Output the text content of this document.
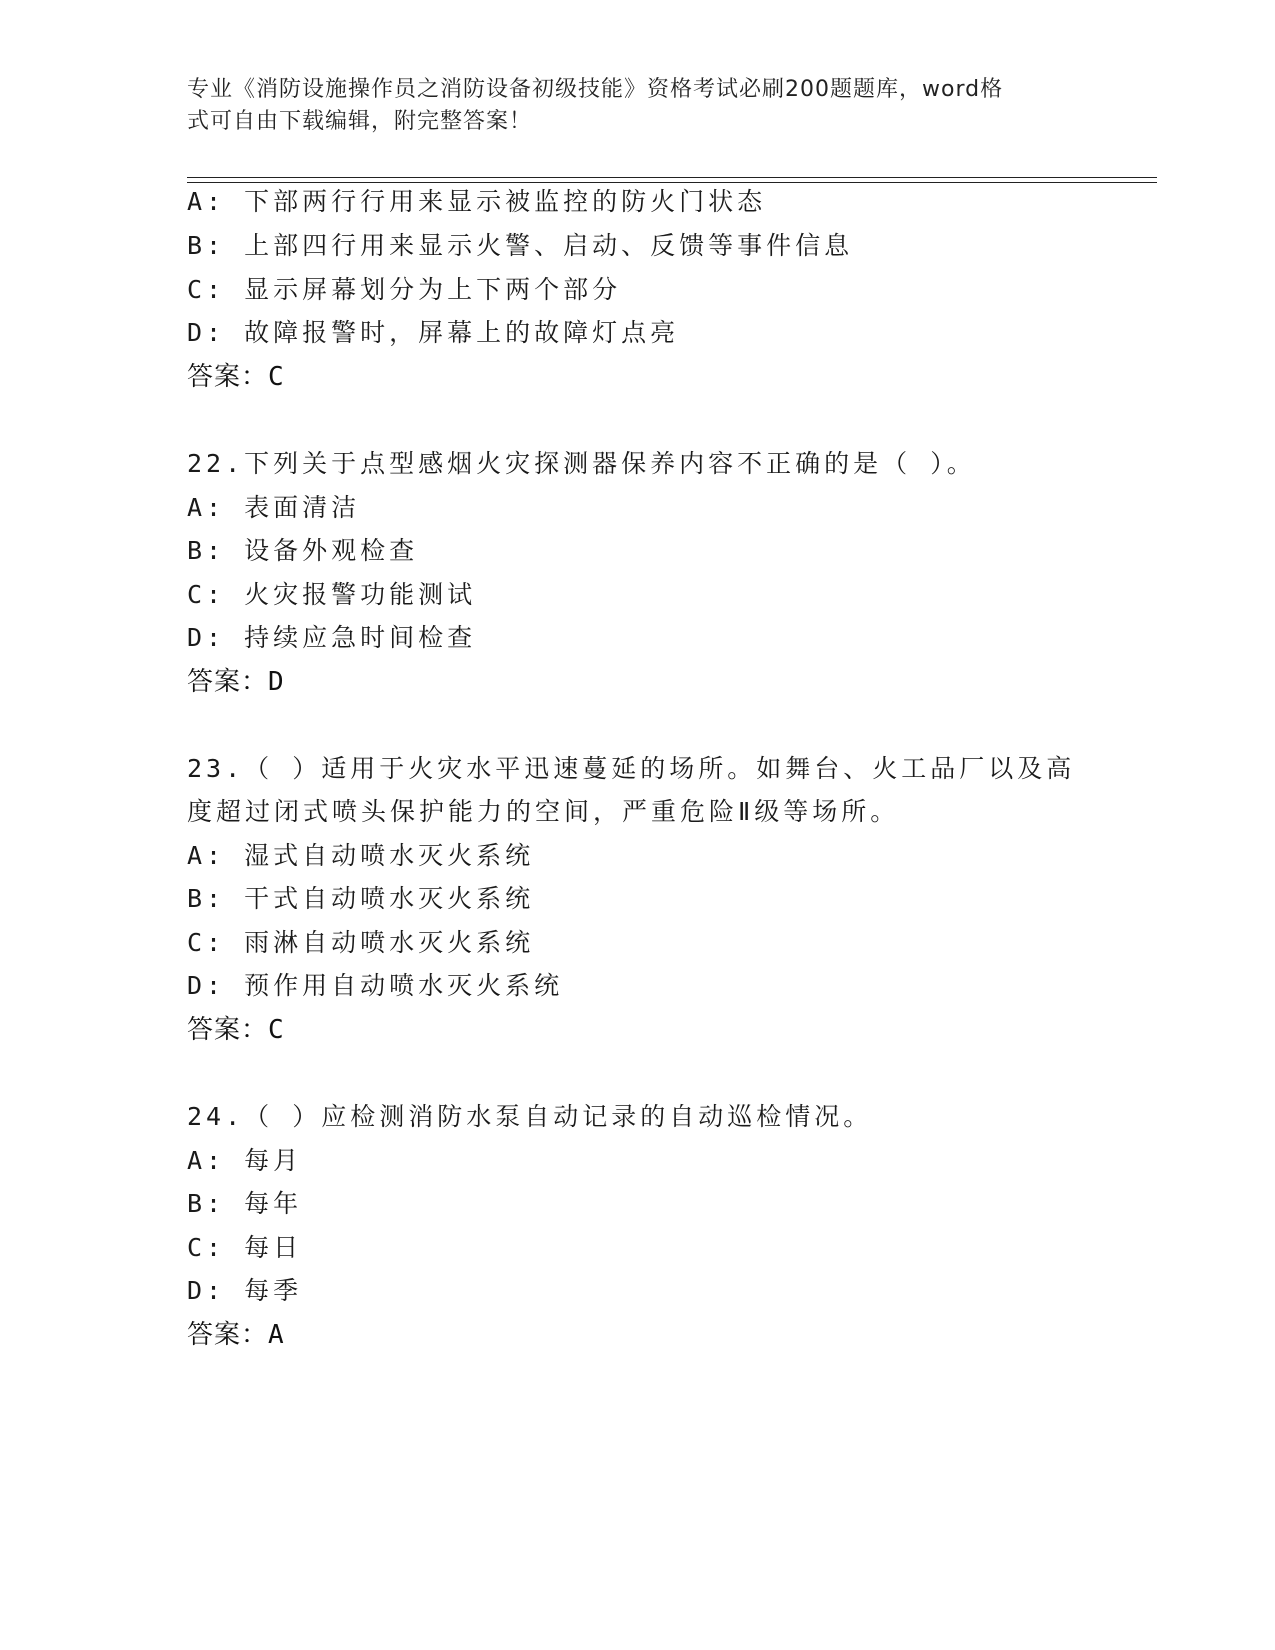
专业《消防设施操作员之消防设备初级技能》资格考试必刷200题题库，word格
式可自由下载编辑，附完整答案！
A: 下部两行行用来显示被监控的防火门状态
B: 上部四行用来显示火警、启动、反馈等事件信息
C: 显示屏幕划分为上下两个部分
D: 故障报警时，屏幕上的故障灯点亮
答案：C
22.下列关于点型感烟火灾探测器保养内容不正确的是（ ）。
A: 表面清洁
B: 设备外观检查
C: 火灾报警功能测试
D: 持续应急时间检查
答案：D
23.（ ）适用于火灾水平迅速蔓延的场所。如舞台、火工品厂以及高
度超过闭式喷头保护能力的空间，严重危险Ⅱ级等场所。
A: 湿式自动喷水灭火系统
B: 干式自动喷水灭火系统
C: 雨淋自动喷水灭火系统
D: 预作用自动喷水灭火系统
答案：C
24.（ ）应检测消防水泵自动记录的自动巡检情况。
A: 每月
B: 每年
C: 每日
D: 每季
答案：A
